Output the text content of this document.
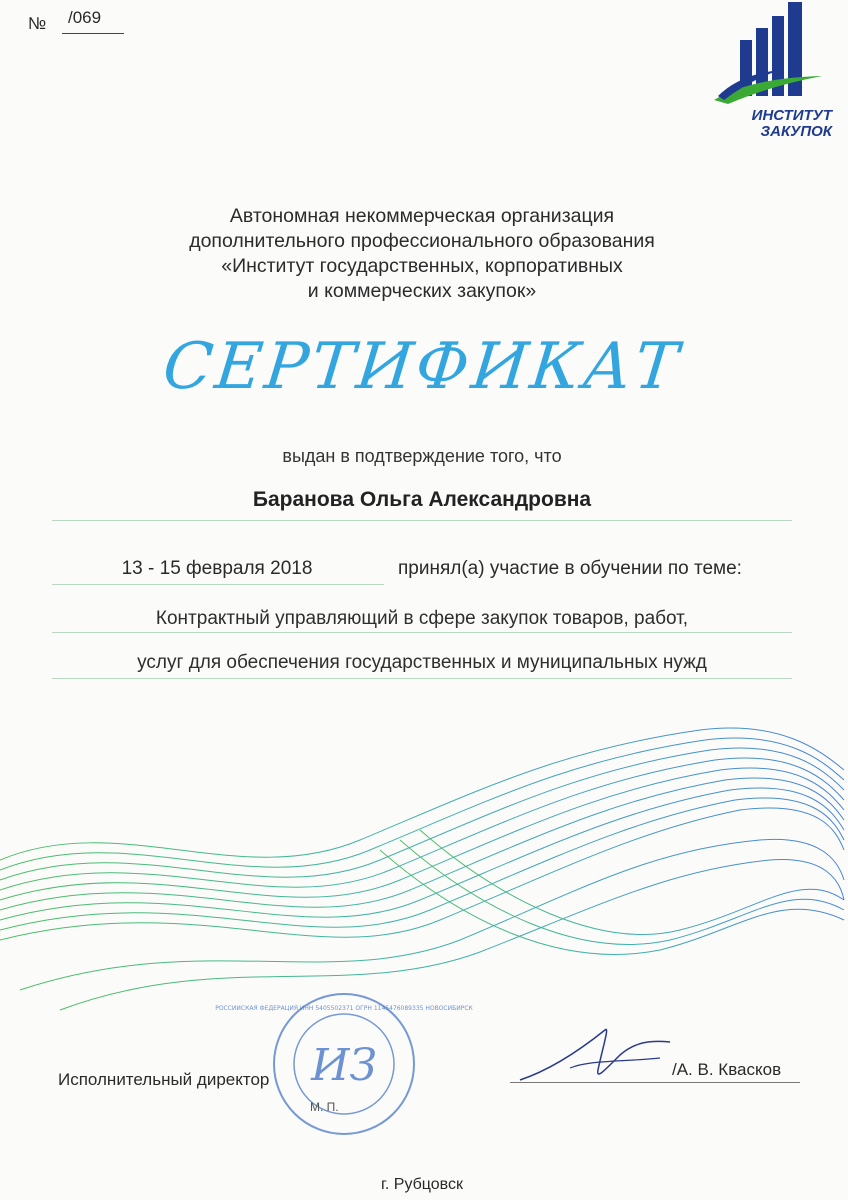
№	/069
ИНСТИТУТ
ЗАКУПОК
Автономная некоммерческая организация
дополнительного профессионального образования
«Институт государственных, корпоративных
и коммерческих закупок»
СЕРТИФИКАТ
выдан в подтверждение того, что
Баранова Ольга Александровна
13 - 15 февраля 2018	принял(а) участие в обучении по теме:
Контрактный управляющий в сфере закупок товаров, работ,
услуг для обеспечения государственных и муниципальных нужд
ИЗ
РОССИЙСКАЯ ФЕДЕРАЦИЯ ИНН 5405502371 ОГРН 1145476089335 НОВОСИБИРСК
Исполнительный директор
М. П.
/А. В. Квасков
г. Рубцовск
